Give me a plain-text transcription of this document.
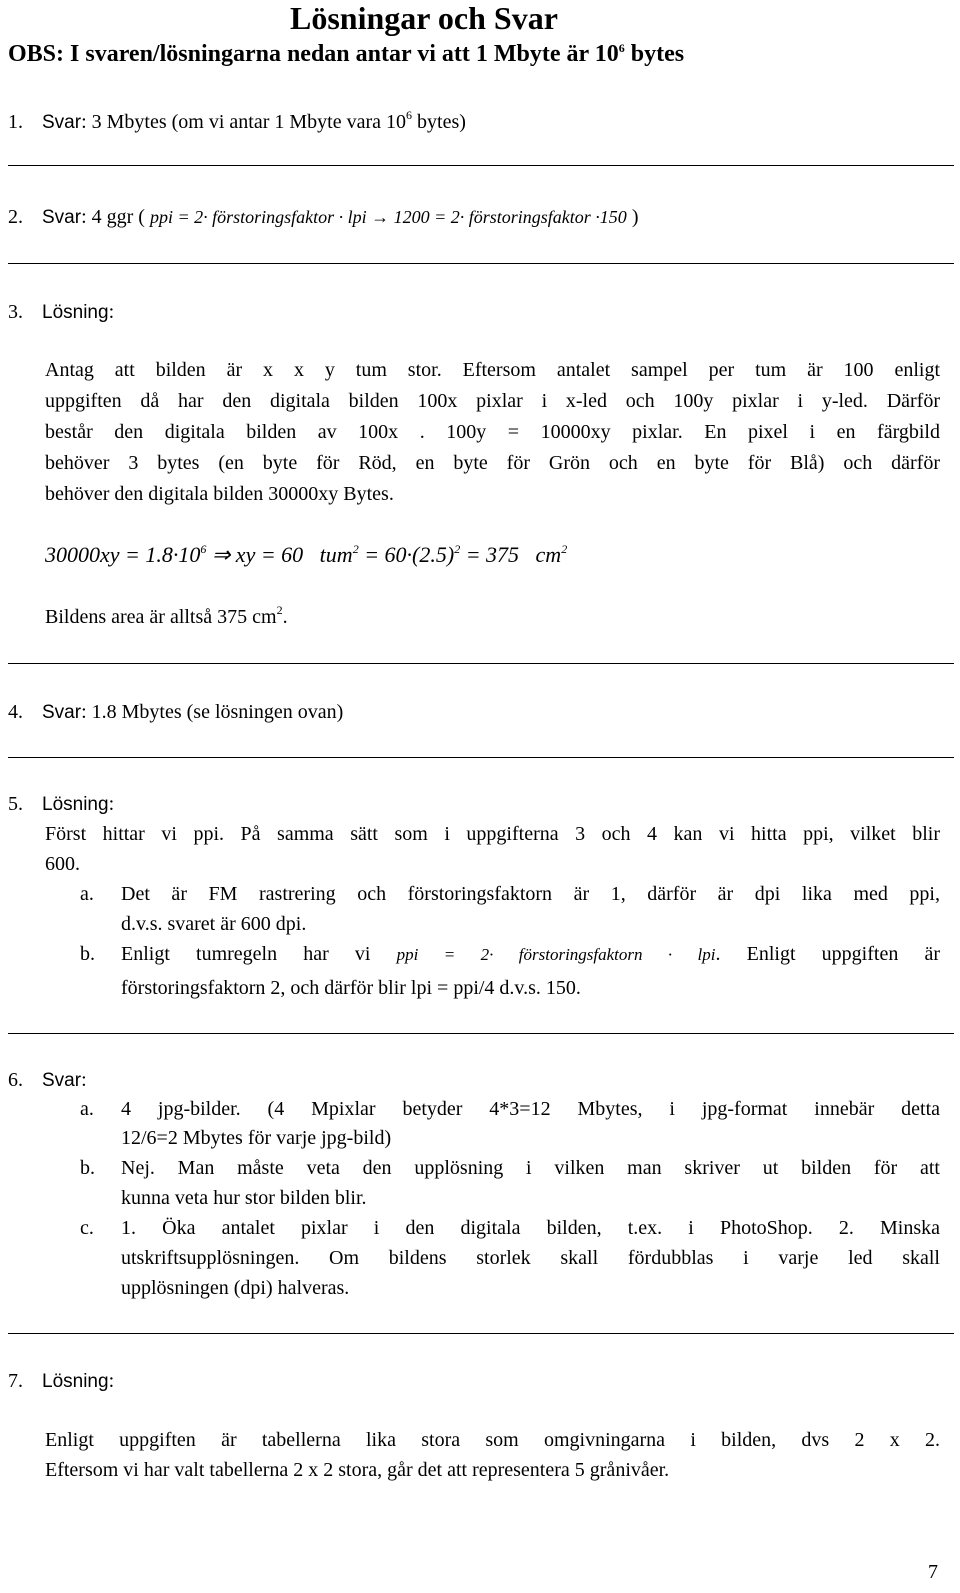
Lösningar och Svar
OBS: I svaren/lösningarna nedan antar vi att 1 Mbyte är $10^6$ bytes
1. Svar: 3 Mbytes (om vi antar 1 Mbyte vara $10^6$ bytes)
2. Svar: 4 ggr ( ppi = 2· förstoringsfaktor · lpi → 1200 = 2· förstoringsfaktor ·150 )
3. Lösning:
Antag att bilden är x x y tum stor. Eftersom antalet sampel per tum är 100 enligt
uppgiften då har den digitala bilden 100x pixlar i x-led och 100y pixlar i y-led. Därför
består den digitala bilden av 100x . 100y = 10000xy pixlar. En pixel i en färgbild
behöver 3 bytes (en byte för Röd, en byte för Grön och en byte för Blå) och därför
behöver den digitala bilden 30000xy Bytes.
$30000xy = 1.8\cdot 10^6$ ⇒ xy = 60   $tum^2 = 60\cdot(2.5)^2 = 375$   $cm^2$
Bildens area är alltså 375 $cm^2$.
4. Svar: 1.8 Mbytes (se lösningen ovan)
5. Lösning:
Först hittar vi ppi. På samma sätt som i uppgifterna 3 och 4 kan vi hitta ppi, vilket blir
600.
a. Det är FM rastrering och förstoringsfaktorn är 1, därför är dpi lika med ppi,
d.v.s. svaret är 600 dpi.
b. Enligt tumregeln har vi ppi = 2· förstoringsfaktorn · lpi. Enligt uppgiften är
förstoringsfaktorn 2, och därför blir lpi = ppi/4 d.v.s. 150.
6. Svar:
a. 4 jpg-bilder. (4 Mpixlar betyder 4*3=12 Mbytes, i jpg-format innebär detta
12/6=2 Mbytes för varje jpg-bild)
b. Nej. Man måste veta den upplösning i vilken man skriver ut bilden för att
kunna veta hur stor bilden blir.
c. 1. Öka antalet pixlar i den digitala bilden, t.ex. i PhotoShop. 2. Minska
utskriftsupplösningen. Om bildens storlek skall fördubblas i varje led skall
upplösningen (dpi) halveras.
7. Lösning:
Enligt uppgiften är tabellerna lika stora som omgivningarna i bilden, dvs 2 x 2.
Eftersom vi har valt tabellerna 2 x 2 stora, går det att representera 5 grånivåer.
7
